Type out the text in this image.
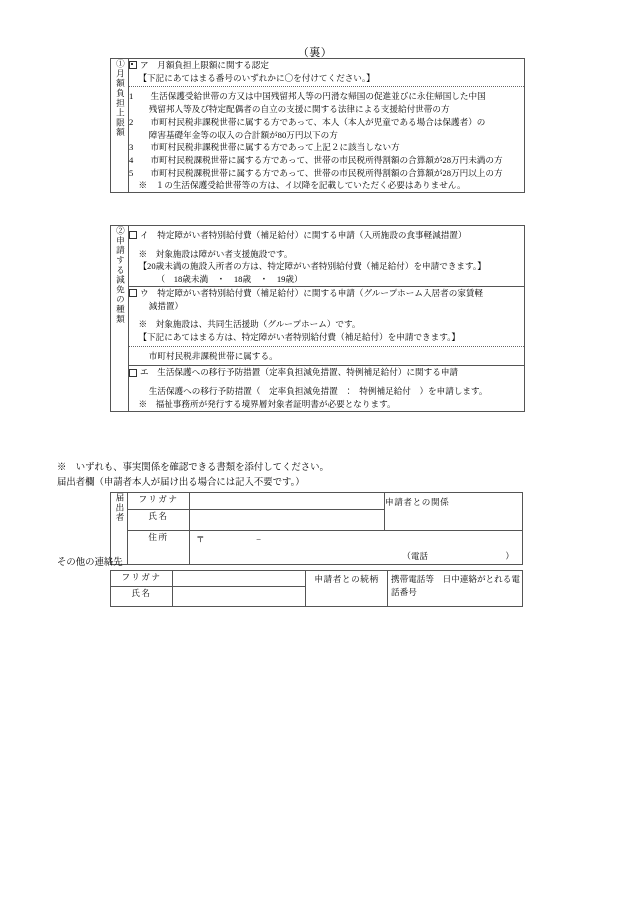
（裏）
①月額負担上限額	
ア　 月額負担上限額に関する認定
【下記にあてはまる番号のいずれかに〇を付けてください。】
1　　 生活保護受給世帯の方又は中国残留邦人等の円滑な帰国の促進並びに永住帰国した中国
残留邦人等及び特定配偶者の自立の支援に関する法律による支援給付世帯の方
2　　 市町村民税非課税世帯に属する方であって、本人（本人が児童である場合は保護者）の
障害基礎年金等の収入の合計額が80万円以下の方
3　　 市町村民税非課税世帯に属する方であって上記２に該当しない方
4　　 市町村民税課税世帯に属する方であって、世帯の市民税所得割額の合算額が28万円未満の方
5　　 市町村民税課税世帯に属する方であって、世帯の市民税所得割額の合算額が28万円以上の方
※　１の生活保護受給世帯等の方は、イ以降を記載していただく必要はありません。
②申請する減免の種類	
イ　 特定障がい者特別給付費（補足給付）に関する申請（入所施設の食事軽減措置）
※　対象施設は障がい者支援施設です。
【20歳未満の施設入所者の方は、特定障がい者特別給付費（補足給付）を申請できます。】
（　18歳未満　・　18歳　・　19歳）

ウ　 特定障がい者特別給付費（補足給付）に関する申請（グループホーム入居者の家賃軽
減措置）
※　対象施設は、共同生活援助（グループホーム）です。
【下記にあてはまる方は、特定障がい者特別給付費（補足給付）を申請できます。】
市町村民税非課税世帯に属する。

エ　 生活保護への移行予防措置（定率負担減免措置、特例補足給付）に関する申請
生活保護への移行予防措置（　定率負担減免措置　：　特例補足給付　）を申請します。
※　福祉事務所が発行する境界層対象者証明書が必要となります。
※　いずれも、事実関係を確認できる書類を添付してください。
届出者欄（申請者本人が届け出る場合には記入不要です。）
届出者	フリガナ		申請者との関係
	氏名		
	住所	〒　　　　　　−
（電話　　　　　　　　　 ）	
その他の連絡先
フリガナ		申請者との続柄	携帯電話等　日中連絡がとれる電話番号
氏名			
